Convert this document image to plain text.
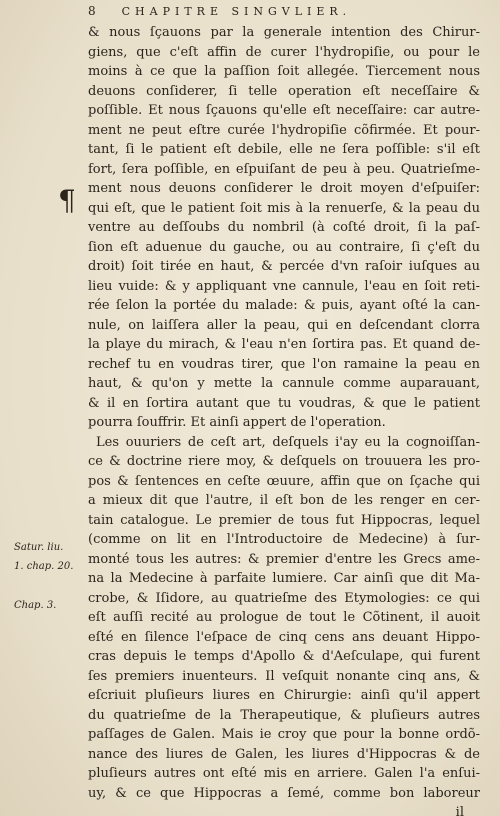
8 CHAPITRE SINGVLIER.
¶
Satur. liu.
1. chap. 20.
Chap. 3.
& nous ſçauons par la generale intention des Chirur-
giens, que c'eſt affin de curer l'hydropiſie, ou pour le
moins à ce que la paſſion ſoit allegée. Tiercement nous
deuons conſiderer, ſi telle operation eſt neceſſaire &
poſſible. Et nous ſçauons qu'elle eſt neceſſaire: car autre-
ment ne peut eſtre curée l'hydropiſie cõfirmée. Et pour-
tant, ſi le patient eſt debile, elle ne ſera poſſible: s'il eſt
fort, ſera poſſible, en eſpuiſant de peu à peu. Quatrieſme-
ment nous deuons conſiderer le droit moyen d'eſpuiſer:
qui eſt, que le patient ſoit mis à la renuerſe, & la peau du
ventre au deſſoubs du nombril (à coſté droit, ſi la paſ-
ſion eſt aduenue du gauche, ou au contraire, ſi ç'eſt du
droit) ſoit tirée en haut, & percée d'vn raſoir iuſques au
lieu vuide: & y appliquant vne cannule, l'eau en ſoit reti-
rée ſelon la portée du malade: & puis, ayant oſté la can-
nule, on laiſſera aller la peau, qui en deſcendant clorra
la playe du mirach, & l'eau n'en ſortira pas. Et quand de-
rechef tu en voudras tirer, que l'on ramaine la peau en
haut, & qu'on y mette la cannule comme auparauant,
& il en ſortira autant que tu voudras, & que le patient
pourra ſouffrir. Et ainſi appert de l'operation.
Les ouuriers de ceſt art, deſquels i'ay eu la cognoiſſan-
ce & doctrine riere moy, & deſquels on trouuera les pro-
pos & ſentences en ceſte œuure, affin que on ſçache qui
a mieux dit que l'autre, il eſt bon de les renger en cer-
tain catalogue. Le premier de tous fut Hippocras, lequel
(comme on lit en l'Introductoire de Medecine) à ſur-
monté tous les autres: & premier d'entre les Grecs ame-
na la Medecine à parfaite lumiere. Car ainſi que dit Ma-
crobe, & Iſidore, au quatrieſme des Etymologies: ce qui
eſt auſſi recité au prologue de tout le Cõtinent, il auoit
eſté en ſilence l'eſpace de cinq cens ans deuant Hippo-
cras depuis le temps d'Apollo & d'Aeſculape, qui furent
ſes premiers inuenteurs. Il veſquit nonante cinq ans, &
eſcriuit pluſieurs liures en Chirurgie: ainſi qu'il appert
du quatrieſme de la Therapeutique, & pluſieurs autres
paſſages de Galen. Mais ie croy que pour la bonne ordõ-
nance des liures de Galen, les liures d'Hippocras & de
pluſieurs autres ont eſté mis en arriere. Galen l'a enſui-
uy, & ce que Hippocras a ſemé, comme bon laboreur
il
